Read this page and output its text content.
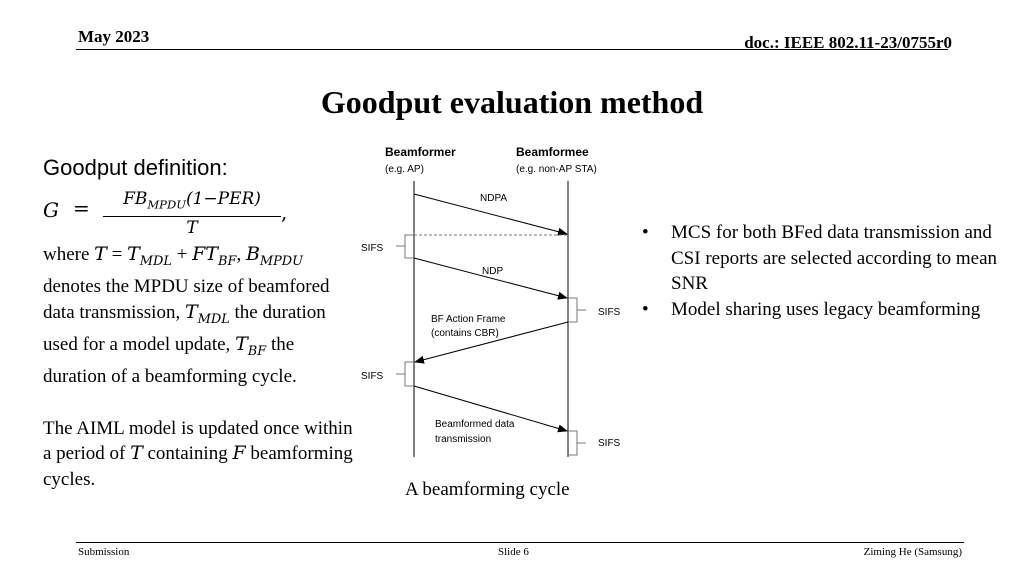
May 2023	doc.: IEEE 802.11-23/0755r0
Goodput evaluation method
Goodput definition:
G =	$FB_{MPDU}(1-PER)$
T
,

where $T = T_{MDL} + FT_{BF}$, $B_{MPDU}$ denotes the MPDU size of beamfored data transmission, $T_{MDL}$ the duration used for a model update, $T_{BF}$ the duration of a beamforming cycle.

The AIML model is updated once within a period of T containing F beamforming cycles.

Beamformer
(e.g. AP)
Beamformee
(e.g. non-AP STA)
NDPA
SIFS
NDP
SIFS
BF Action Frame
(contains CBR)
SIFS
Beamformed data
transmission	SIFS
A beamforming cycle
• MCS for both BFed data transmission and CSI reports are selected according to mean SNR
• Model sharing uses legacy beamforming
Submission	Slide 6	Ziming He (Samsung)
